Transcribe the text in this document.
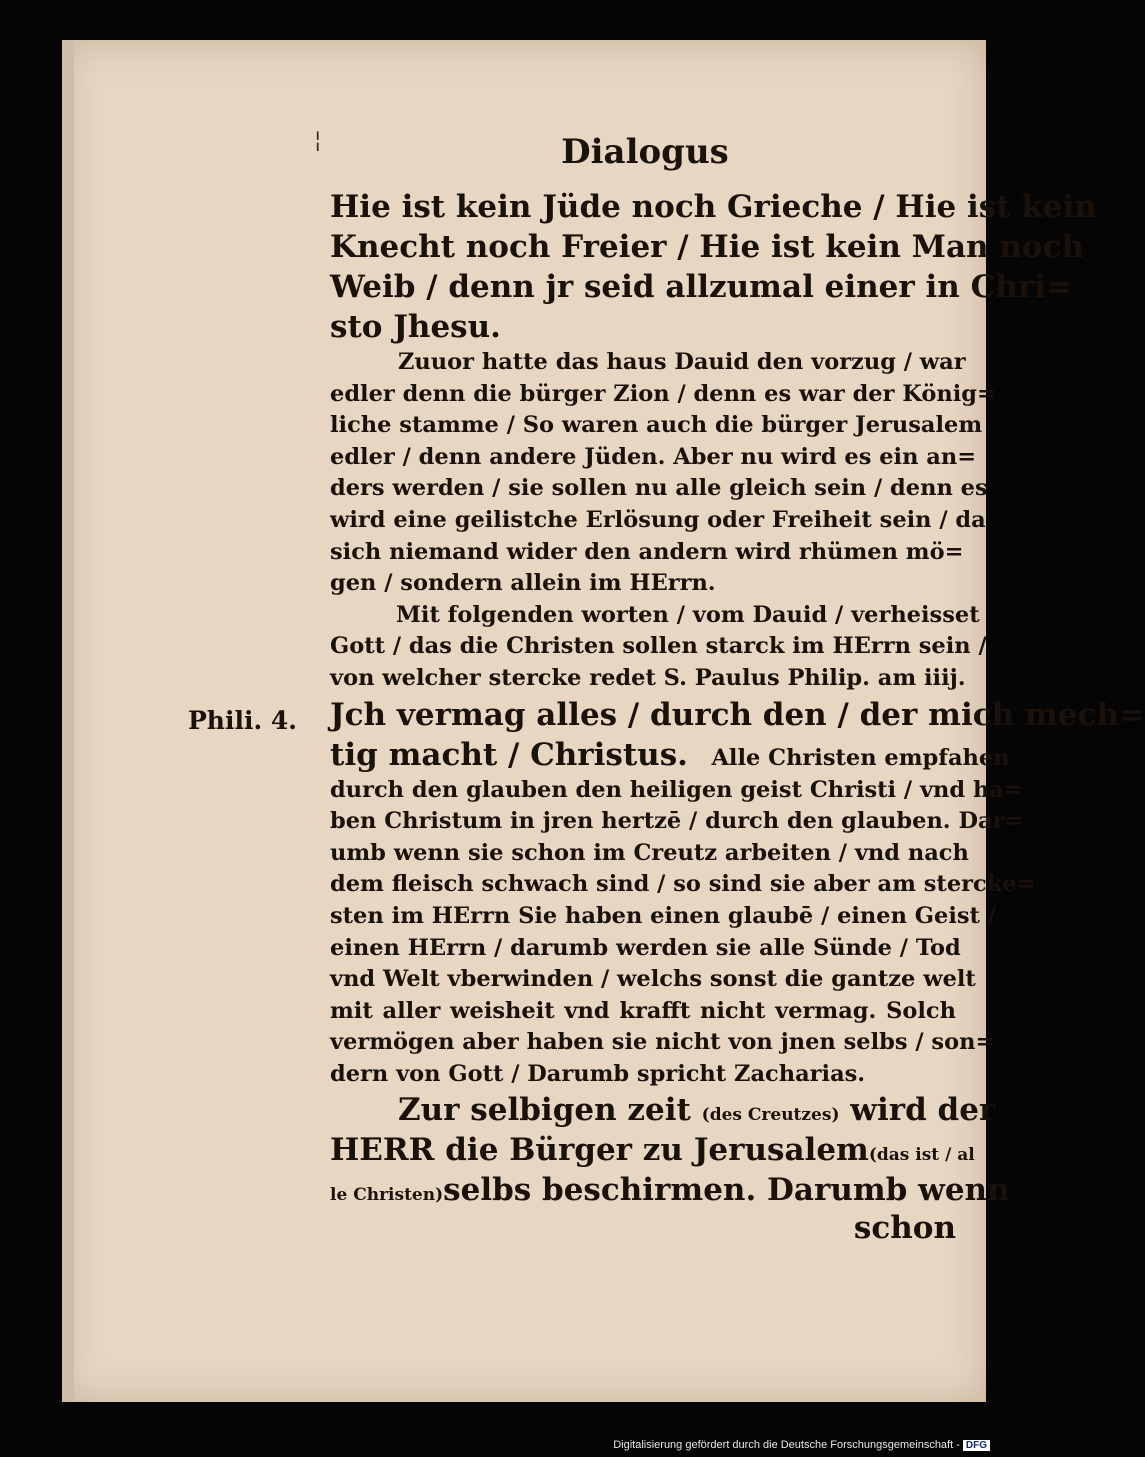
¦	Dialogus
Phili. 4.
Hie ist kein Jüde noch Grieche / Hie ist kein
Knecht noch Freier / Hie ist kein Man noch
Weib / denn jr seid allzumal einer in Chri=
sto Jhesu.
Zuuor hatte das haus Dauid den vorzug / war
edler denn die bürger Zion / denn es war der König=
liche stamme / So waren auch die bürger Jerusalem
edler / denn andere Jüden. Aber nu wird es ein an=
ders werden / sie sollen nu alle gleich sein / denn es
wird eine geilistche Erlösung oder Freiheit sein / da
sich niemand wider den andern wird rhümen mö=
gen / sondern allein im HErrn.
Mit folgenden worten / vom Dauid / verheisset
Gott / das die Christen sollen starck im HErrn sein /
von welcher stercke redet S. Paulus Philip. am iiij.
Jch vermag alles / durch den / der mich mech=
tig macht / Christus. Alle Christen empfahen
durch den glauben den heiligen geist Christi / vnd ha=
ben Christum in jren hertzē / durch den glauben. Dar=
umb wenn sie schon im Creutz arbeiten / vnd nach
dem fleisch schwach sind / so sind sie aber am stercke=
sten im HErrn Sie haben einen glaubē / einen Geist /
einen HErrn / darumb werden sie alle Sünde / Tod
vnd Welt vberwinden / welchs sonst die gantze welt
mit aller weisheit vnd krafft nicht vermag. Solch
vermögen aber haben sie nicht von jnen selbs / son=
dern von Gott / Darumb spricht Zacharias.
Zur selbigen zeit (des Creutzes) wird der
HERR die Bürger zu Jerusalem(das ist / al
le Christen)selbs beschirmen. Darumb wenn
schon
Digitalisierung gefördert durch die Deutsche Forschungsgemeinschaft - DFG
